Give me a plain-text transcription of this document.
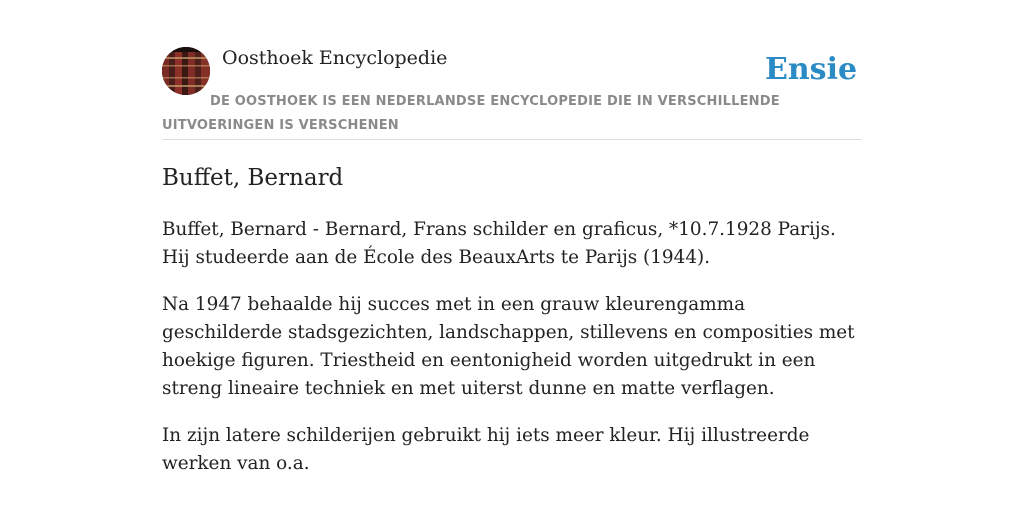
Oosthoek Encyclopedie	Ensie
DE OOSTHOEK IS EEN NEDERLANDSE ENCYCLOPEDIE DIE IN VERSCHILLENDE UITVOERINGEN IS VERSCHENEN
Buffet, Bernard

Buffet, Bernard - Bernard, Frans schilder en graficus, *10.7.1928 Parijs. Hij studeerde aan de École des BeauxArts te Parijs (1944).

Na 1947 behaalde hij succes met in een grauw kleurengamma geschilderde stadsgezichten, landschappen, stillevens en composities met hoekige figuren. Triestheid en eentonigheid worden uitgedrukt in een streng lineaire techniek en met uiterst dunne en matte verflagen.

In zijn latere schilderijen gebruikt hij iets meer kleur. Hij illustreerde werken van o.a.
